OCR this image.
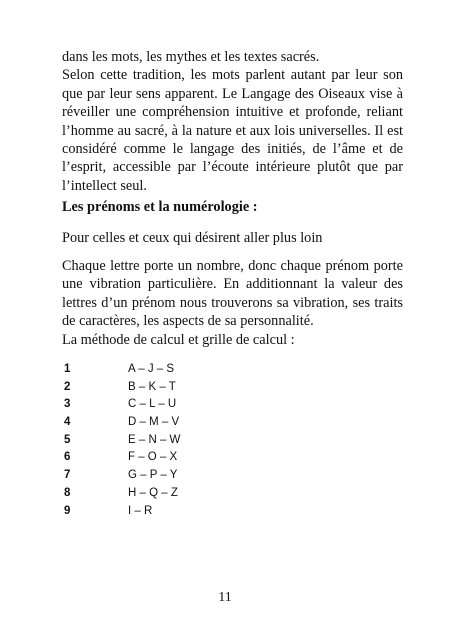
dans les mots, les mythes et les textes sacrés.

Selon cette tradition, les mots parlent autant par leur son que par leur sens apparent. Le Langage des Oiseaux vise à réveiller une compréhension intuitive et profonde, reliant l’homme au sacré, à la nature et aux lois universelles. Il est considéré comme le langage des initiés, de l’âme et de l’esprit, accessible par l’écoute intérieure plutôt que par l’intellect seul.

Les prénoms et la numérologie :

Pour celles et ceux qui désirent aller plus loin

Chaque lettre porte un nombre, donc chaque prénom porte une vibration particulière. En additionnant la valeur des lettres d’un prénom nous trouverons sa vibration, ses traits de caractères, les aspects de sa personnalité.

La méthode de calcul et grille de calcul :

1	A – J – S
2	B – K – T
3	C – L – U
4	D – M – V
5	E – N – W
6	F – O – X
7	G – P – Y
8	H – Q – Z
9	I – R
11
